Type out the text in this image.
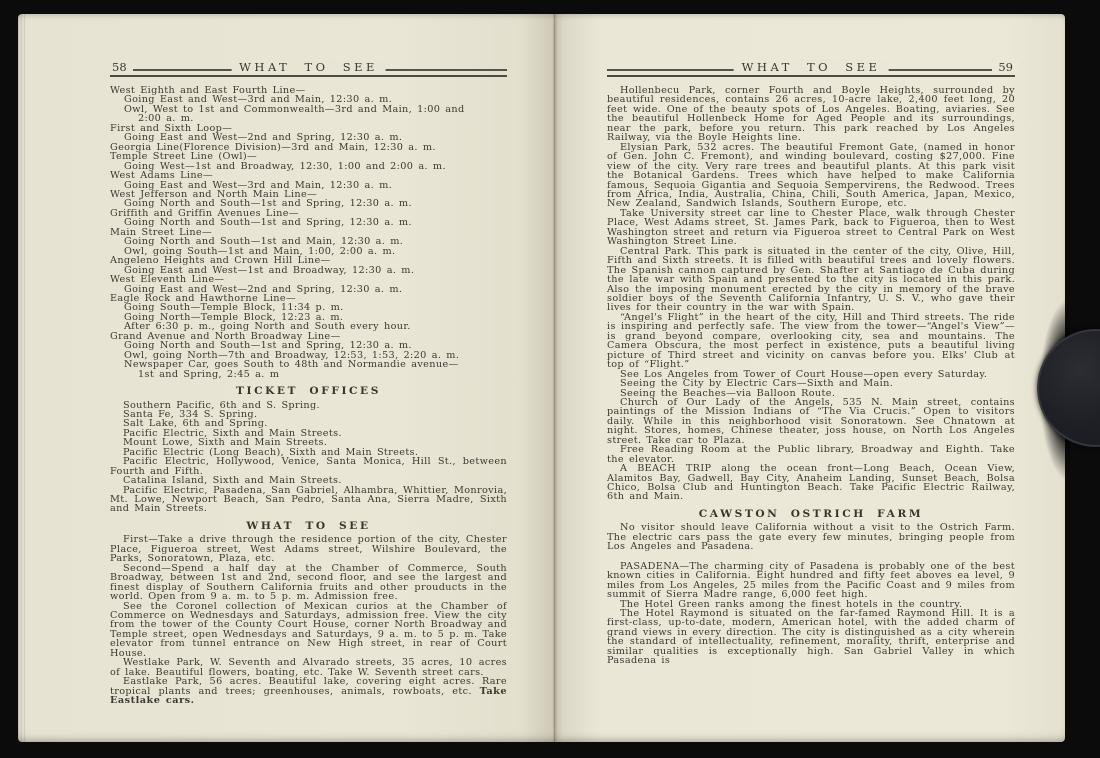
58	WHAT TO SEE
West Eighth and East Fourth Line—
Going East and West—3rd and Main, 12:30 a. m.
Owl, West to 1st and Commonwealth—3rd and Main, 1:00 and
2:00 a. m.
First and Sixth Loop—
Going East and West—2nd and Spring, 12:30 a. m.
Georgia Line(Florence Division)—3rd and Main, 12:30 a. m.
Temple Street Line (Owl)—
Going West—1st and Broadway, 12:30, 1:00 and 2:00 a. m.
West Adams Line—
Going East and West—3rd and Main, 12:30 a. m.
West Jefferson and North Main Line—
Going North and South—1st and Spring, 12:30 a. m.
Griffith and Griffin Avenues Line—
Going North and South—1st and Spring, 12:30 a. m.
Main Street Line—
Going North and South—1st and Main, 12:30 a. m.
Owl, going South—1st and Main, 1:00, 2:00 a. m.
Angeleno Heights and Crown Hill Line—
Going East and West—1st and Broadway, 12:30 a. m.
West Eleventh Line—
Going East and West—2nd and Spring, 12:30 a. m.
Eagle Rock and Hawthorne Line—
Going South—Temple Block, 11:34 p. m.
Going North—Temple Block, 12:23 a. m.
After 6:30 p. m., going North and South every hour.
Grand Avenue and North Broadway Line—
Going North and South—1st and Spring, 12:30 a. m.
Owl, going North—7th and Broadway, 12:53, 1:53, 2:20 a. m.
Newspaper Car, goes South to 48th and Normandie avenue—
1st and Spring, 2:45 a. m
TICKET OFFICES
Southern Pacific, 6th and S. Spring.
Santa Fe, 334 S. Spring.
Salt Lake, 6th and Spring.
Pacific Electric, Sixth and Main Streets.
Mount Lowe, Sixth and Main Streets.
Pacific Electric (Long Beach), Sixth and Main Streets.
Pacific Electric, Hollywood, Venice, Santa Monica, Hill St., between Fourth and Fifth.
Catalina Island, Sixth and Main Streets.
Pacific Electric, Pasadena, San Gabriel, Alhambra, Whittier, Monrovia, Mt. Lowe, Newport Beach, San Pedro, Santa Ana, Sierra Madre, Sixth and Main Streets.
WHAT TO SEE
First—Take a drive through the residence portion of the city, Chester Place, Figueroa street, West Adams street, Wilshire Boulevard, the Parks, Sonoratown, Plaza, etc.
Second—Spend a half day at the Chamber of Commerce, South Broadway, between 1st and 2nd, second floor, and see the largest and finest display of Southern California fruits and other prouducts in the world. Open from 9 a. m. to 5 p. m. Admission free.
See the Coronel collection of Mexican curios at the Chamber of Commerce on Wednesdays and Saturdays, admission free. View the city from the tower of the County Court House, corner North Broadway and Temple street, open Wednesdays and Saturdays, 9 a. m. to 5 p. m. Take elevator from tunnel entrance on New High street, in rear of Court House.
Westlake Park, W. Seventh and Alvarado streets, 35 acres, 10 acres of lake. Beautiful flowers, boating, etc. Take W. Seventh street cars.
Eastlake Park, 56 acres. Beautiful lake, covering eight acres. Rare tropical plants and trees; greenhouses, animals, rowboats, etc. Take Eastlake cars.
WHAT TO SEE	59
Hollenbecu Park, corner Fourth and Boyle Heights, surrounded by beautiful residences, contains 26 acres, 10-acre lake, 2,400 feet long, 20 feet wide. One of the beauty spots of Los Angeles. Boating, aviaries. See the beautiful Hollenbeck Home for Aged People and its surroundings, near the park, before you return. This park reached by Los Angeles Railway, via the Boyle Heights line.
Elysian Park, 532 acres. The beautiful Fremont Gate, (named in honor of Gen. John C. Fremont), and winding boulevard, costing $27,000. Fine view of the city. Very rare trees and beautiful plants. At this park visit the Botanical Gardens. Trees which have helped to make California famous, Sequoia Gigantia and Sequoia Sempervirens, the Redwood. Trees from Africa, India, Australia, China, Chili, South America, Japan, Mexico, New Zealand, Sandwich Islands, Southern Europe, etc.
Take University street car line to Chester Place, walk through Chester Place, West Adams street, St. James Park, back to Figueroa, then to West Washington street and return via Figueroa street to Central Park on West Washington Street Line.
Central Park. This park is situated in the center of the city, Olive, Hill, Fifth and Sixth streets. It is filled with beautiful trees and lovely flowers. The Spanish cannon captured by Gen. Shafter at Santiago de Cuba during the late war with Spain and presented to the city is located in this park. Also the imposing monument erected by the city in memory of the brave soldier boys of the Seventh California Infantry, U. S. V., who gave their lives for their country in the war with Spain.
“Angel's Flight” in the heart of the city, Hill and Third streets. The ride is inspiring and perfectly safe. The view from the tower—“Angel's View”—is grand beyond compare, overlooking city, sea and mountains. The Camera Obscura, the most perfect in existence, puts a beautiful living picture of Third street and vicinity on canvas before you. Elks' Club at top of “Flight.”
See Los Angeles from Tower of Court House—open every Saturday.
Seeing the City by Electric Cars—Sixth and Main.
Seeing the Beaches—via Balloon Route.
Church of Our Lady of the Angels, 535 N. Main street, contains paintings of the Mission Indians of “The Via Crucis.” Open to visitors daily. While in this neighborhood visit Sonoratown. See Chnatown at night. Stores, homes, Chinese theater, joss house, on North Los Angeles street. Take car to Plaza.
Free Reading Room at the Public library, Broadway and Eighth. Take the elevator.
A BEACH TRIP along the ocean front—Long Beach, Ocean View, Alamitos Bay, Gadwell, Bay City, Anaheim Landing, Sunset Beach, Bolsa Chico, Bolsa Club and Huntington Beach. Take Pacific Electric Railway, 6th and Main.
CAWSTON OSTRICH FARM
No visitor should leave California without a visit to the Ostrich Farm. The electric cars pass the gate every few minutes, bringing people from Los Angeles and Pasadena.
PASADENA—The charming city of Pasadena is probably one of the best known cities in California. Eight hundred and fifty feet aboves ea level, 9 miles from Los Angeles, 25 miles from the Pacific Coast and 9 miles from summit of Sierra Madre range, 6,000 feet high.
The Hotel Green ranks among the finest hotels in the country.
The Hotel Raymond is situated on the far-famed Raymond Hill. It is a first-class, up-to-date, modern, American hotel, with the added charm of grand views in every direction. The city is distinguished as a city wherein the standard of intellectuality, refinement, morality, thrift, enterprise and similar qualities is exceptionally high. San Gabriel Valley in which Pasadena is
